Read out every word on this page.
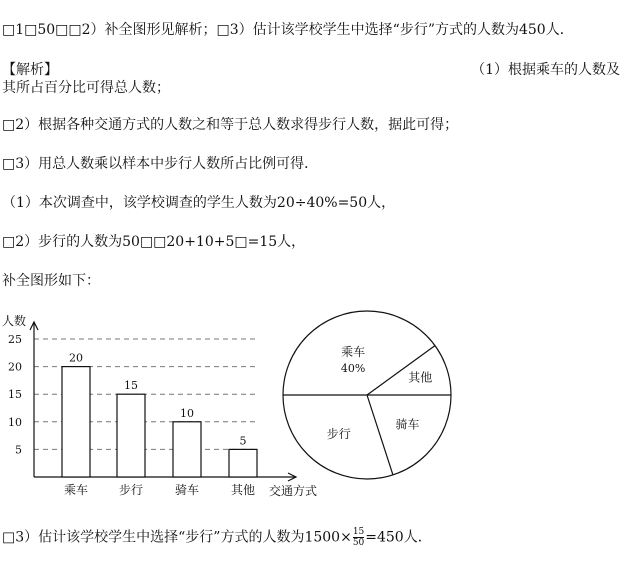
□1□50□□2）补全图形见解析；□3）估计该学校学生中选择“步行”方式的人数为450人．
【解析】	（1）根据乘车的人数及
其所占百分比可得总人数；
□2）根据各种交通方式的人数之和等于总人数求得步行人数，据此可得；
□3）用总人数乘以样本中步行人数所占比例可得．
（1）本次调查中，该学校调查的学生人数为20÷40%=50人，
□2）步行的人数为50□□20+10+5□=15人，
补全图形如下：
5
10
15
20
25
人数
交通方式
20
乘车
15
步行
10
骑车
5
其他
乘车
40%
其他
骑车
步行
□3）估计该学校学生中选择“步行”方式的人数为$1500\times \frac{15}{50} =450$人．
